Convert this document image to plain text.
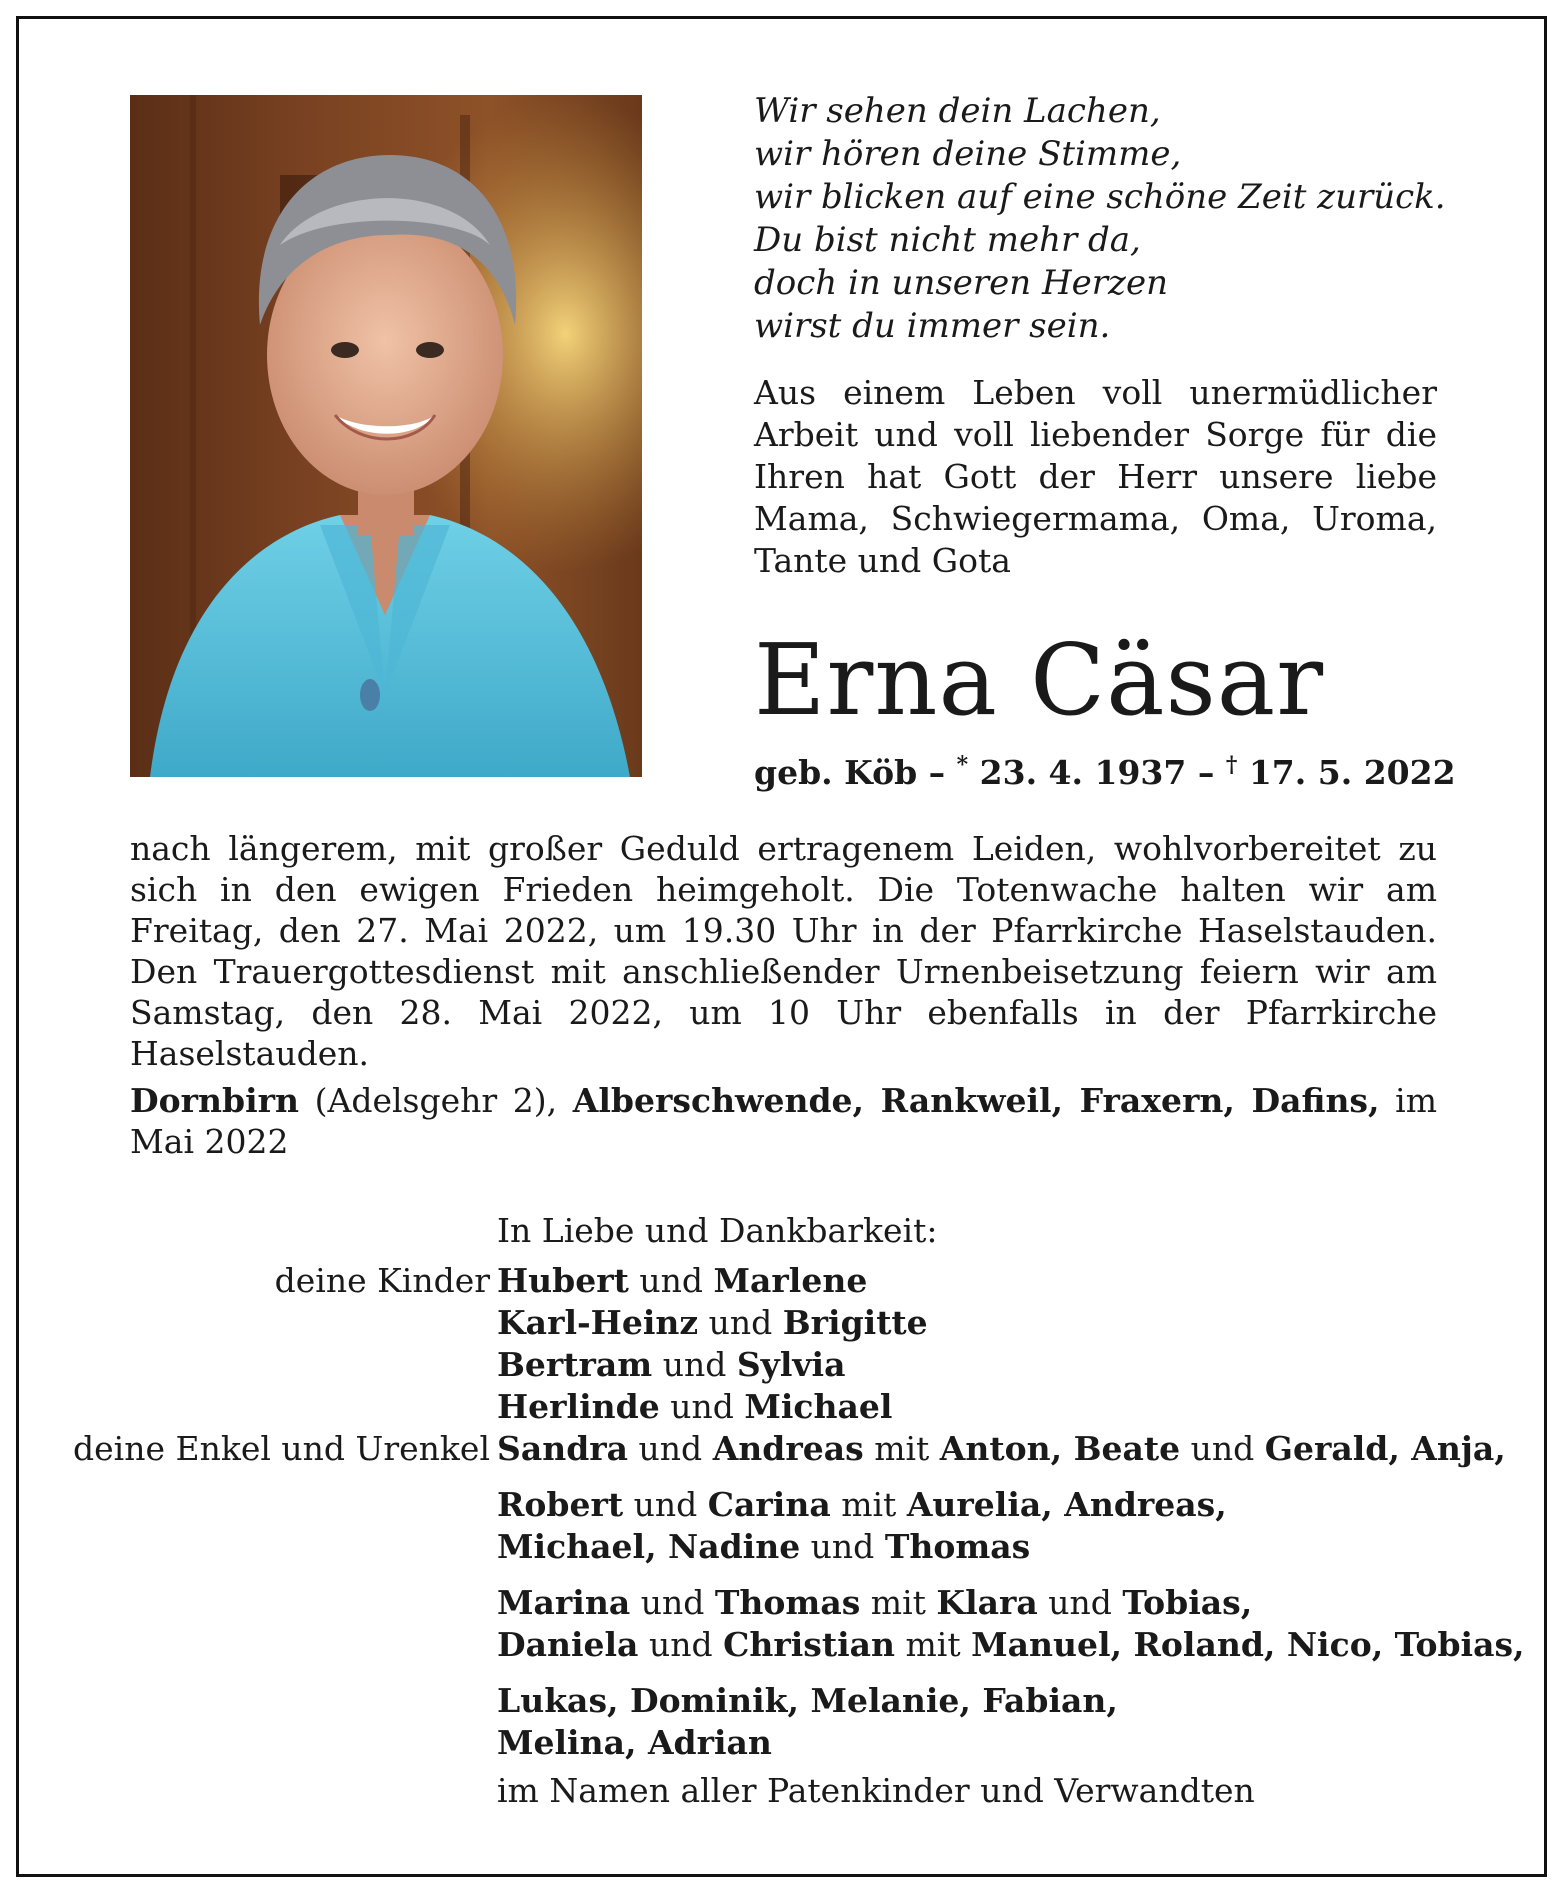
Wir sehen dein Lachen,
wir hören deine Stimme,
wir blicken auf eine schöne Zeit zurück.
Du bist nicht mehr da,
doch in unseren Herzen
wirst du immer sein.
Aus einem Leben voll unermüdlicher Arbeit und voll liebender Sorge für die Ihren hat Gott der Herr unsere liebe Mama, Schwiegermama, Oma, Uroma, Tante und Gota
Erna Cäsar
geb. Köb – * 23. 4. 1937 – † 17. 5. 2022
nach längerem, mit großer Geduld ertragenem Leiden, wohlvorbereitet zu sich in den ewigen Frieden heimgeholt. Die Totenwache halten wir am Freitag, den 27. Mai 2022, um 19.30 Uhr in der Pfarrkirche Haselstauden. Den Trauergottesdienst mit anschließender Urnenbeisetzung feiern wir am Samstag, den 28. Mai 2022, um 10 Uhr ebenfalls in der Pfarrkirche Haselstauden.
Dornbirn (Adelsgehr 2), Alberschwende, Rankweil, Fraxern, Dafins, im Mai 2022
In Liebe und Dankbarkeit:
deine Kinder
deine Enkel und Urenkel
Hubert und Marlene
Karl-Heinz und Brigitte
Bertram und Sylvia
Herlinde und Michael
Sandra und Andreas mit Anton, Beate und Gerald, Anja,
Robert und Carina mit Aurelia, Andreas,
Michael, Nadine und Thomas
Marina und Thomas mit Klara und Tobias,
Daniela und Christian mit Manuel, Roland, Nico, Tobias,
Lukas, Dominik, Melanie, Fabian,
Melina, Adrian
im Namen aller Patenkinder und Verwandten
